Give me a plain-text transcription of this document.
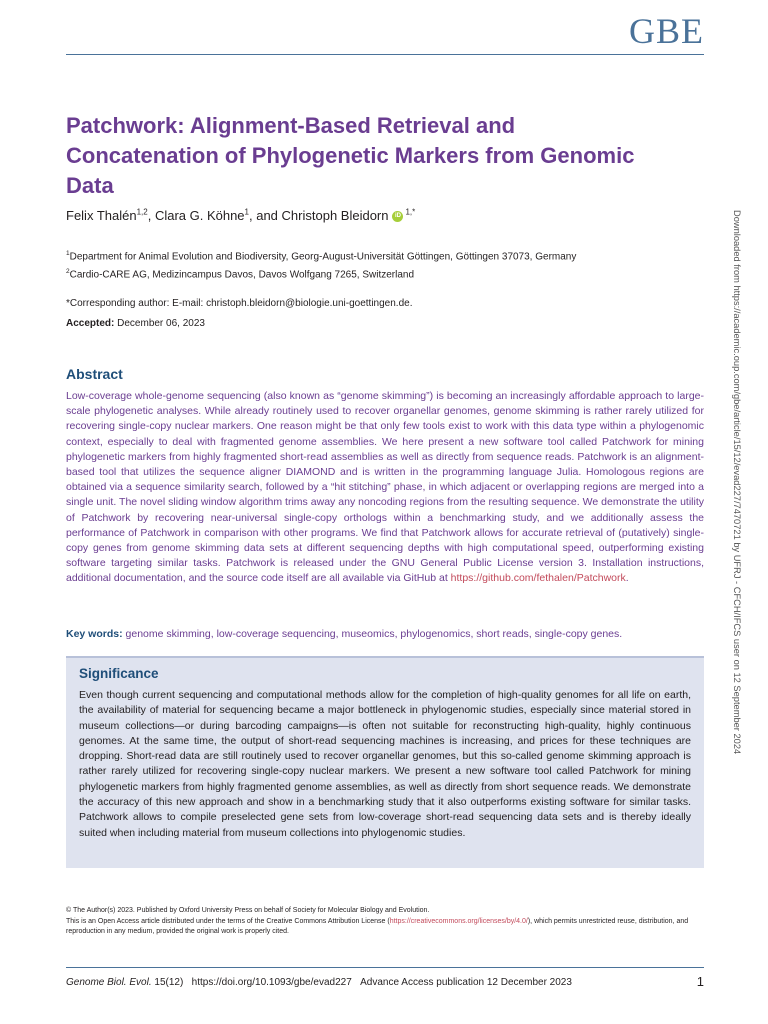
GBE
Patchwork: Alignment-Based Retrieval and Concatenation of Phylogenetic Markers from Genomic Data
Felix Thalén$^{1,2}$, Clara G. Köhne$^1$, and Christoph Bleidorn iD $^{1,*}$
$^1$Department for Animal Evolution and Biodiversity, Georg-August-Universität Göttingen, Göttingen 37073, Germany
$^2$Cardio-CARE AG, Medizincampus Davos, Davos Wolfgang 7265, Switzerland
*Corresponding author: E-mail: christoph.bleidorn@biologie.uni-goettingen.de.
Accepted: December 06, 2023
Abstract
Low-coverage whole-genome sequencing (also known as “genome skimming”) is becoming an increasingly affordable approach to large-scale phylogenetic analyses. While already routinely used to recover organellar genomes, genome skimming is rather rarely utilized for recovering single-copy nuclear markers. One reason might be that only few tools exist to work with this data type within a phylogenomic context, especially to deal with fragmented genome assemblies. We here present a new software tool called Patchwork for mining phylogenetic markers from highly fragmented short-read assemblies as well as directly from sequence reads. Patchwork is an alignment-based tool that utilizes the sequence aligner DIAMOND and is written in the programming language Julia. Homologous regions are obtained via a sequence similarity search, followed by a “hit stitching” phase, in which adjacent or overlapping regions are merged into a single unit. The novel sliding window algorithm trims away any noncoding regions from the resulting sequence. We demonstrate the utility of Patchwork by recovering near-universal single-copy orthologs within a benchmarking study, and we additionally assess the performance of Patchwork in comparison with other programs. We find that Patchwork allows for accurate retrieval of (putatively) single-copy genes from genome skimming data sets at different sequencing depths with high computational speed, outperforming existing software targeting similar tasks. Patchwork is released under the GNU General Public License version 3. Installation instructions, additional documentation, and the source code itself are all available via GitHub at https://github.com/fethalen/Patchwork.
Key words: genome skimming, low-coverage sequencing, museomics, phylogenomics, short reads, single-copy genes.
Significance
Even though current sequencing and computational methods allow for the completion of high-quality genomes for all life on earth, the availability of material for sequencing became a major bottleneck in phylogenomic studies, especially since material stored in museum collections—or during barcoding campaigns—is often not suitable for reconstructing high-quality, highly continuous genomes. At the same time, the output of short-read sequencing machines is increasing, and prices for these techniques are dropping. Short-read data are still routinely used to recover organellar genomes, but this so-called genome skimming approach is rather rarely utilized for recovering single-copy nuclear markers. We present a new software tool called Patchwork for mining phylogenetic markers from highly fragmented genome assemblies, as well as directly from short sequence reads. We demonstrate the accuracy of this new approach and show in a benchmarking study that it also outperforms existing software for similar tasks. Patchwork allows to compile preselected gene sets from low-coverage short-read sequencing data sets and is thereby ideally suited when including material from museum collections into phylogenomic studies.
© The Author(s) 2023. Published by Oxford University Press on behalf of Society for Molecular Biology and Evolution.
This is an Open Access article distributed under the terms of the Creative Commons Attribution License (https://creativecommons.org/licenses/by/4.0/), which permits unrestricted reuse, distribution, and reproduction in any medium, provided the original work is properly cited.
Genome Biol. Evol. 15(12) https://doi.org/10.1093/gbe/evad227 Advance Access publication 12 December 2023	1
Downloaded from https://academic.oup.com/gbe/article/15/12/evad227/7470721 by UFRJ - CFCH/IFCS user on 12 September 2024
